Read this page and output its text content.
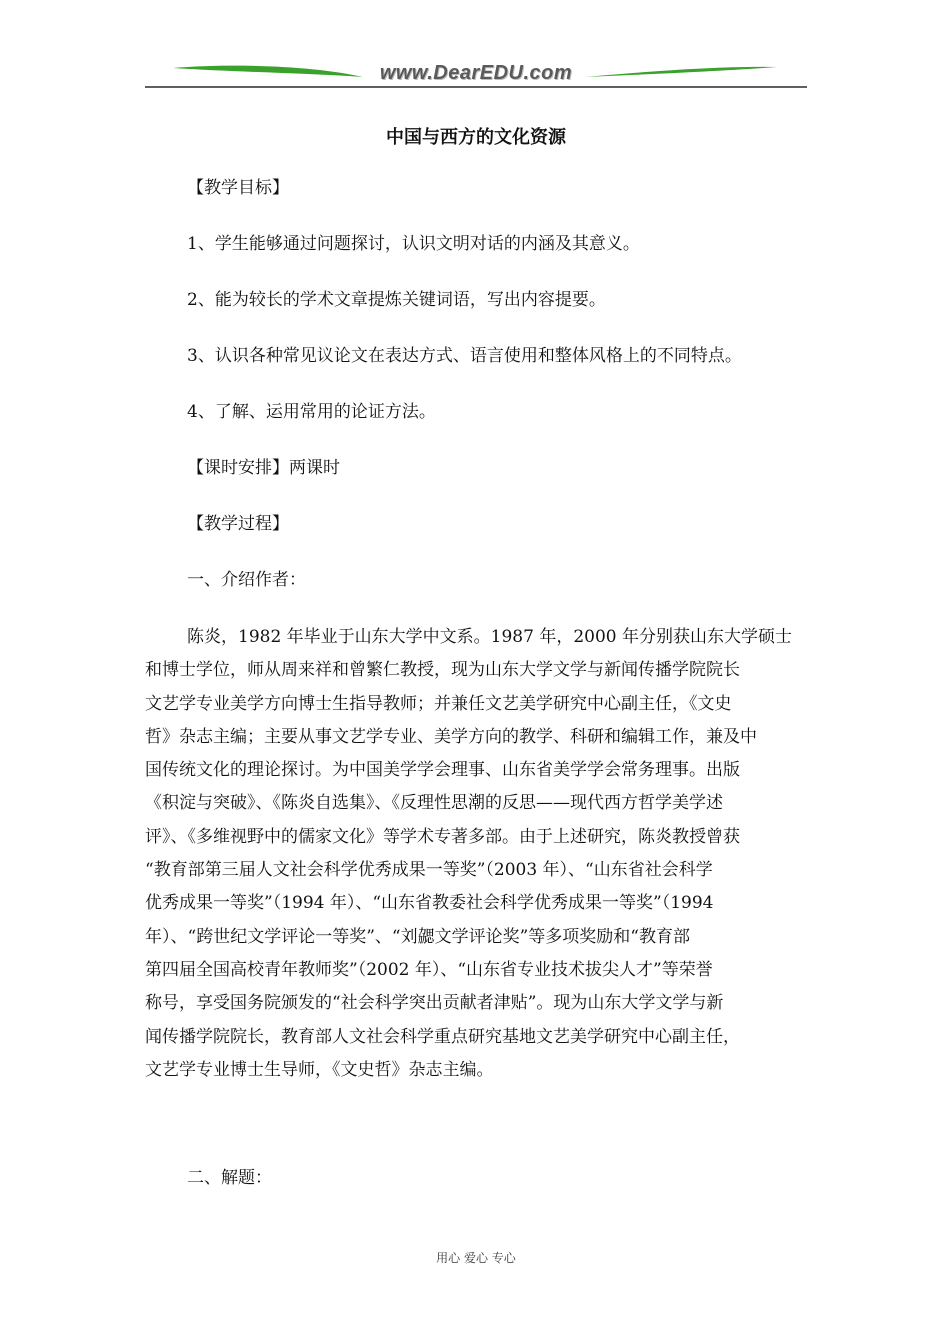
www.DearEDU.com
中国与西方的文化资源
【教学目标】
1、学生能够通过问题探讨，认识文明对话的内涵及其意义。
2、能为较长的学术文章提炼关键词语，写出内容提要。
3、认识各种常见议论文在表达方式、语言使用和整体风格上的不同特点。
4、了解、运用常用的论证方法。
【课时安排】两课时
【教学过程】
一、介绍作者：
陈炎，1982 年毕业于山东大学中文系。1987 年，2000 年分别获山东大学硕士
和博士学位，师从周来祥和曾繁仁教授，现为山东大学文学与新闻传播学院院长
文艺学专业美学方向博士生指导教师；并兼任文艺美学研究中心副主任，《文史
哲》杂志主编；主要从事文艺学专业、美学方向的教学、科研和编辑工作，兼及中
国传统文化的理论探讨。为中国美学学会理事、山东省美学学会常务理事。出版
《积淀与突破》、《陈炎自选集》、《反理性思潮的反思——现代西方哲学美学述
评》、《多维视野中的儒家文化》等学术专著多部。由于上述研究，陈炎教授曾获
“教育部第三届人文社会科学优秀成果一等奖”（2003 年）、“山东省社会科学
优秀成果一等奖”（1994 年）、“山东省教委社会科学优秀成果一等奖”（1994
年）、“跨世纪文学评论一等奖”、“刘勰文学评论奖”等多项奖励和“教育部
第四届全国高校青年教师奖”（2002 年）、“山东省专业技术拔尖人才”等荣誉
称号，享受国务院颁发的“社会科学突出贡献者津贴”。现为山东大学文学与新
闻传播学院院长，教育部人文社会科学重点研究基地文艺美学研究中心副主任，
文艺学专业博士生导师，《文史哲》杂志主编。
二、解题：
用心 爱心 专心
